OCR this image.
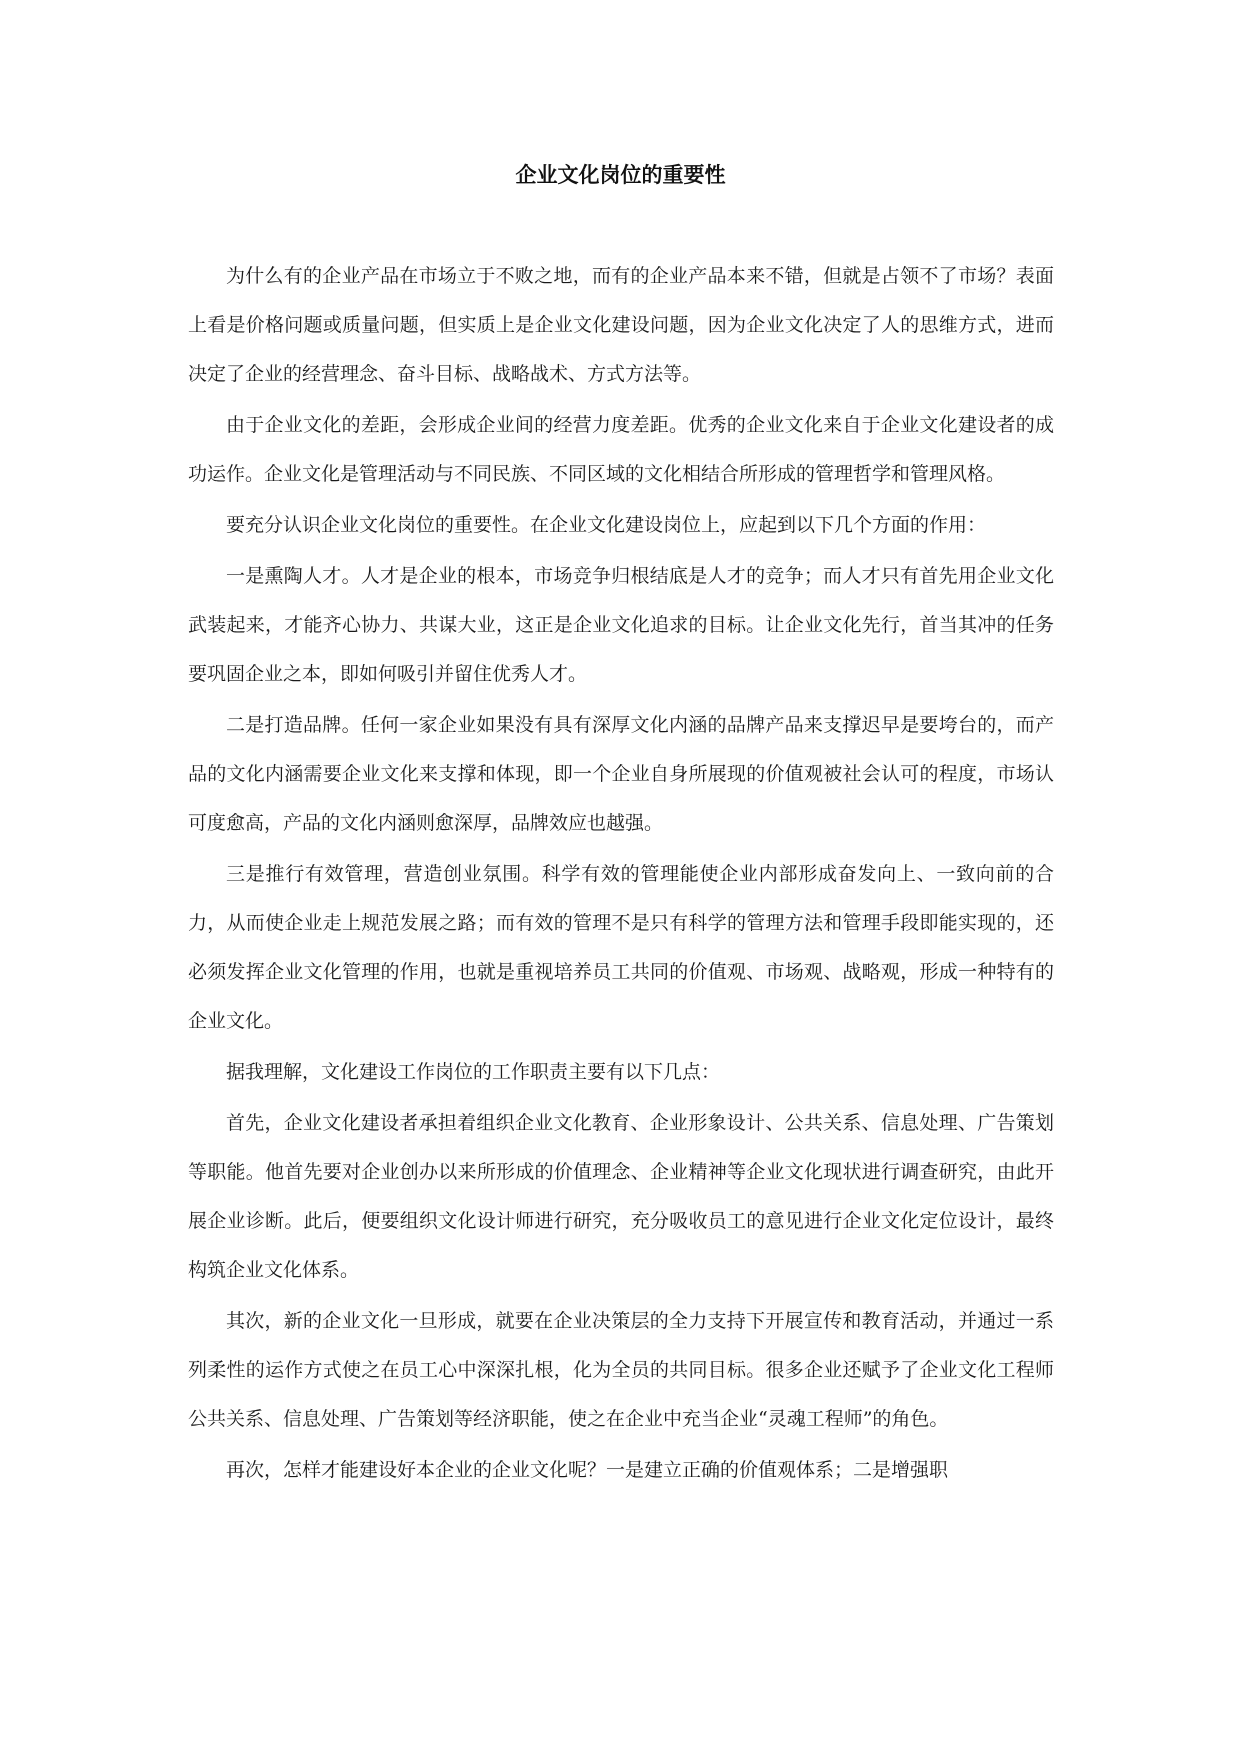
企业文化岗位的重要性

为什么有的企业产品在市场立于不败之地，而有的企业产品本来不错，但就是占领不了市场？表面上看是价格问题或质量问题，但实质上是企业文化建设问题，因为企业文化决定了人的思维方式，进而决定了企业的经营理念、奋斗目标、战略战术、方式方法等。

由于企业文化的差距，会形成企业间的经营力度差距。优秀的企业文化来自于企业文化建设者的成功运作。企业文化是管理活动与不同民族、不同区域的文化相结合所形成的管理哲学和管理风格。

要充分认识企业文化岗位的重要性。在企业文化建设岗位上，应起到以下几个方面的作用：

一是熏陶人才。人才是企业的根本，市场竞争归根结底是人才的竞争；而人才只有首先用企业文化武装起来，才能齐心协力、共谋大业，这正是企业文化追求的目标。让企业文化先行，首当其冲的任务要巩固企业之本，即如何吸引并留住优秀人才。

二是打造品牌。任何一家企业如果没有具有深厚文化内涵的品牌产品来支撑迟早是要垮台的，而产品的文化内涵需要企业文化来支撑和体现，即一个企业自身所展现的价值观被社会认可的程度，市场认可度愈高，产品的文化内涵则愈深厚，品牌效应也越强。

三是推行有效管理，营造创业氛围。科学有效的管理能使企业内部形成奋发向上、一致向前的合力，从而使企业走上规范发展之路；而有效的管理不是只有科学的管理方法和管理手段即能实现的，还必须发挥企业文化管理的作用，也就是重视培养员工共同的价值观、市场观、战略观，形成一种特有的企业文化。

据我理解，文化建设工作岗位的工作职责主要有以下几点：

首先，企业文化建设者承担着组织企业文化教育、企业形象设计、公共关系、信息处理、广告策划等职能。他首先要对企业创办以来所形成的价值理念、企业精神等企业文化现状进行调查研究，由此开展企业诊断。此后，便要组织文化设计师进行研究，充分吸收员工的意见进行企业文化定位设计，最终构筑企业文化体系。

其次，新的企业文化一旦形成，就要在企业决策层的全力支持下开展宣传和教育活动，并通过一系列柔性的运作方式使之在员工心中深深扎根，化为全员的共同目标。很多企业还赋予了企业文化工程师公共关系、信息处理、广告策划等经济职能，使之在企业中充当企业“灵魂工程师”的角色。

再次，怎样才能建设好本企业的企业文化呢？一是建立正确的价值观体系；二是增强职
